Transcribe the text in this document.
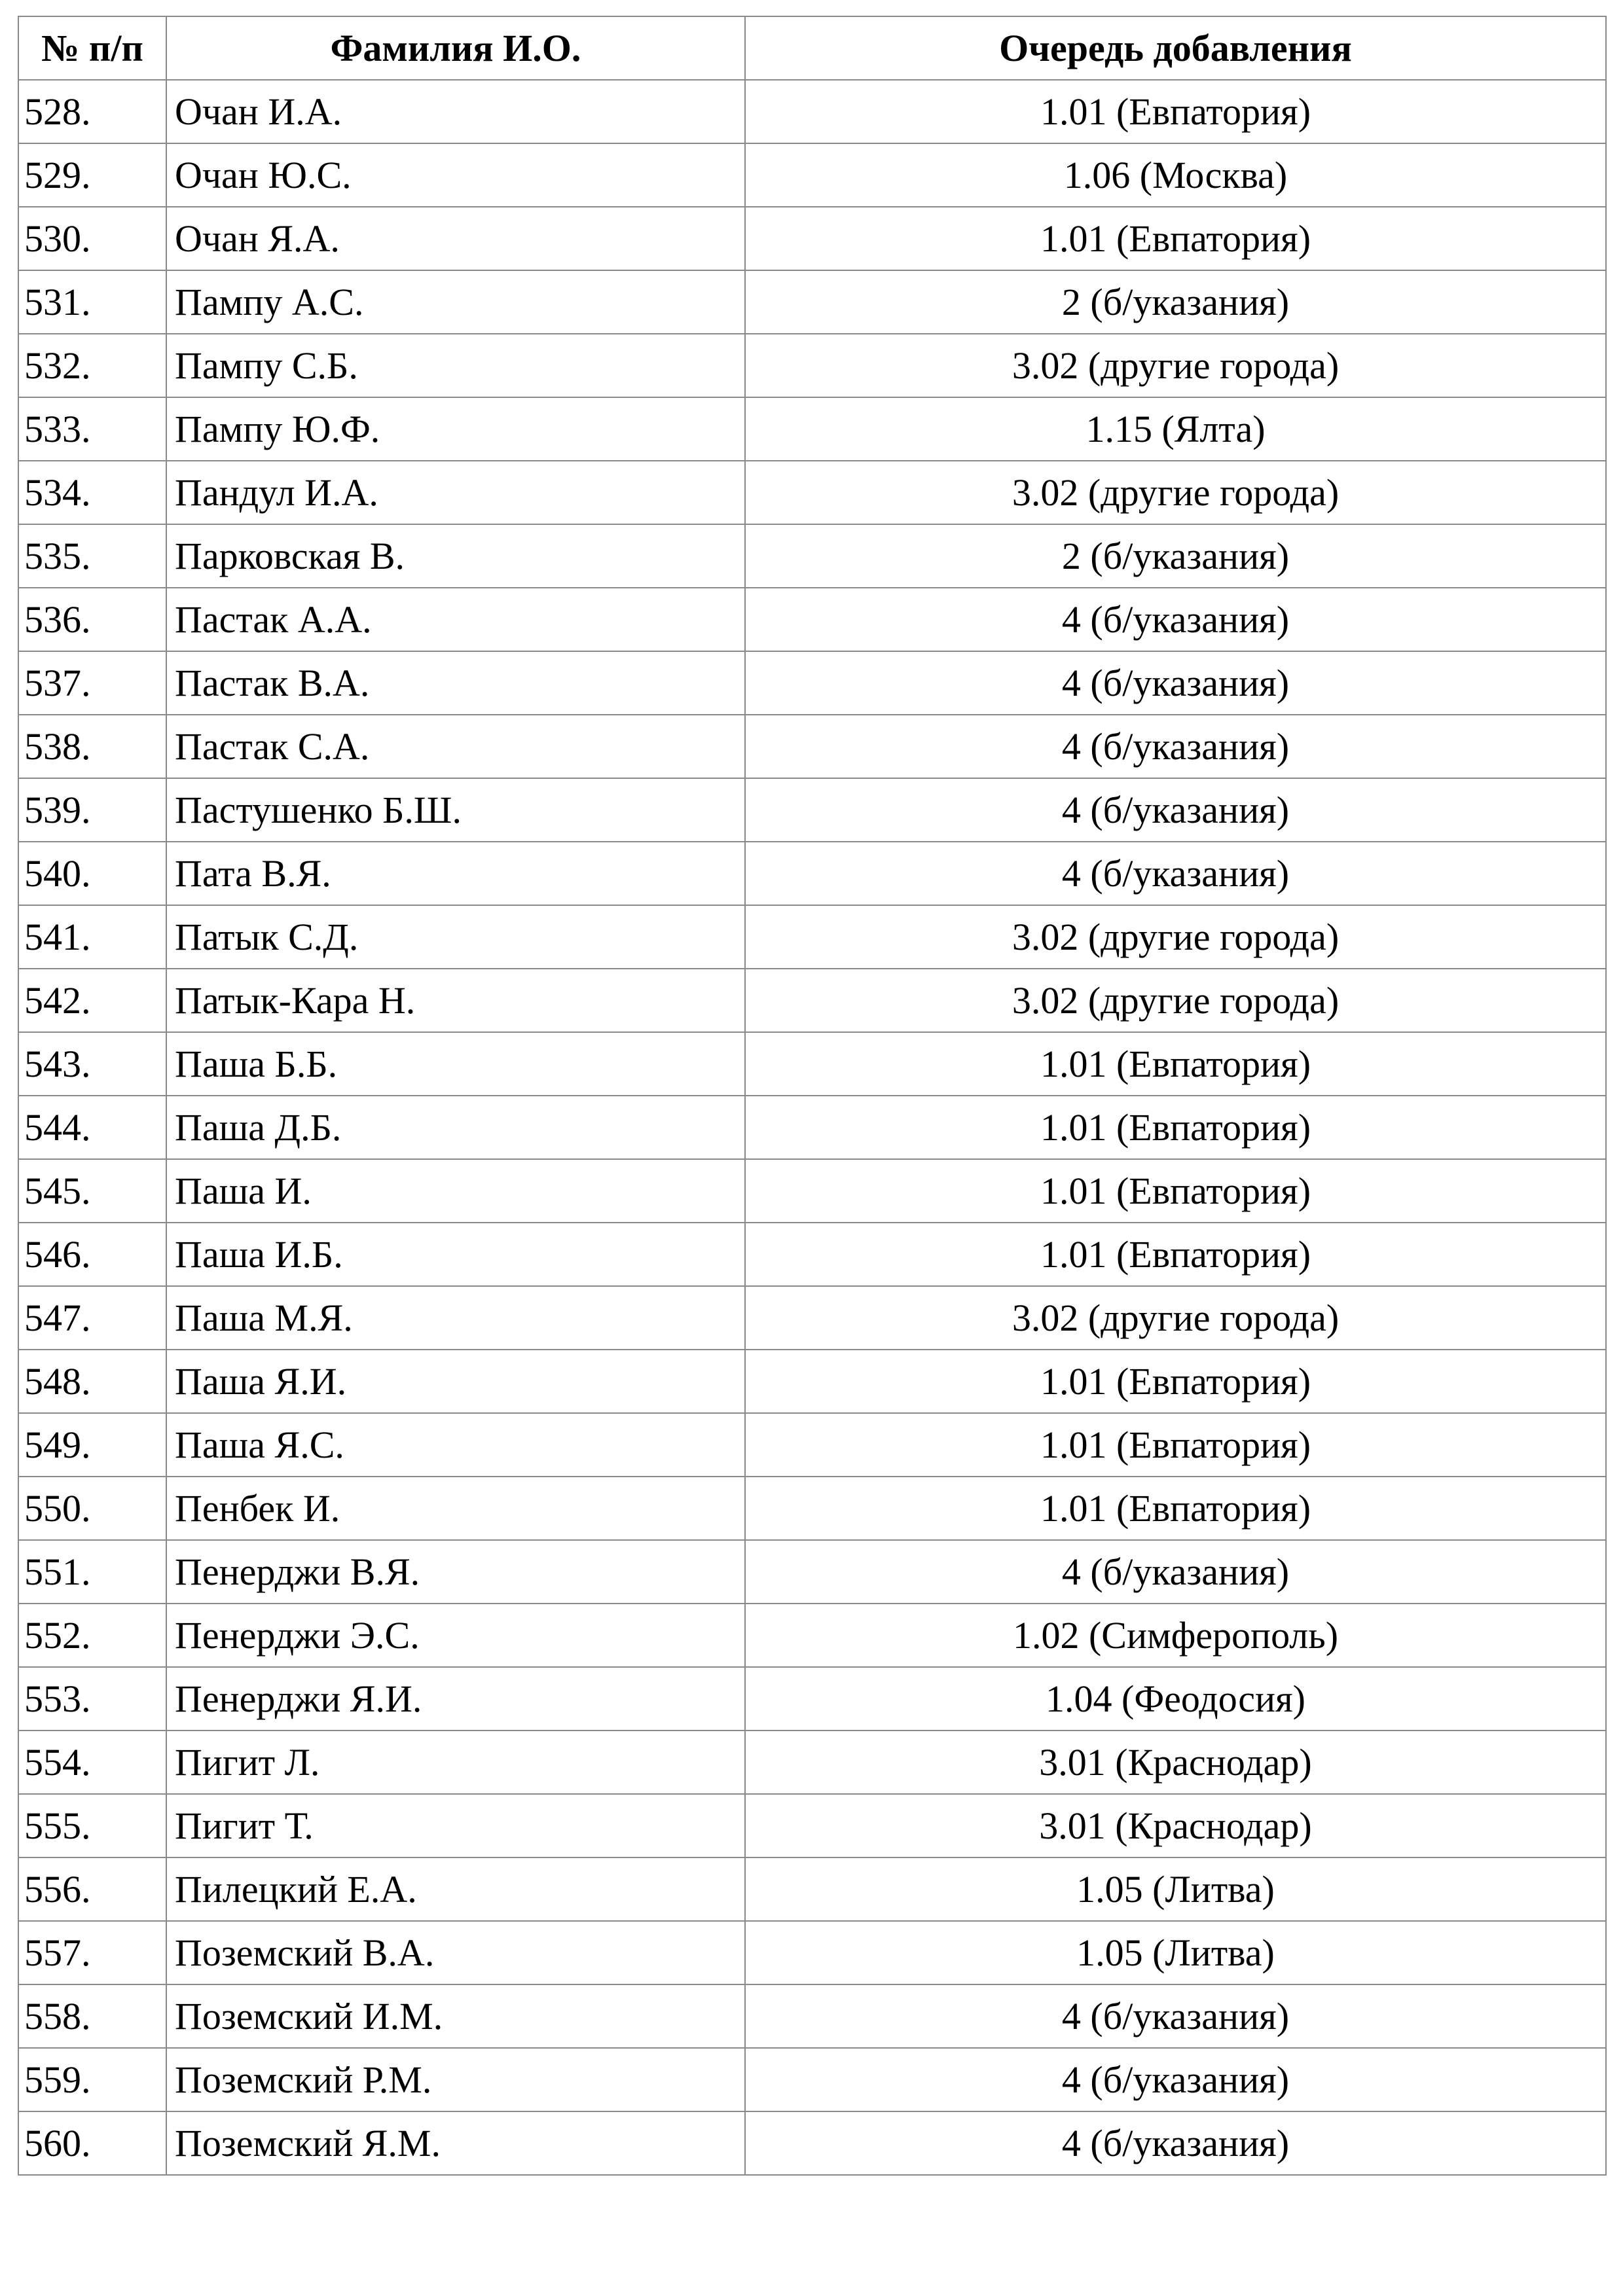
№ п/п	Фамилия И.О.	Очередь добавления
528.	Очан И.А.	1.01 (Евпатория)
529.	Очан Ю.С.	1.06 (Москва)
530.	Очан Я.А.	1.01 (Евпатория)
531.	Пампу А.С.	2 (б/указания)
532.	Пампу С.Б.	3.02 (другие города)
533.	Пампу Ю.Ф.	1.15 (Ялта)
534.	Пандул И.А.	3.02 (другие города)
535.	Парковская В.	2 (б/указания)
536.	Пастак А.А.	4 (б/указания)
537.	Пастак В.А.	4 (б/указания)
538.	Пастак С.А.	4 (б/указания)
539.	Пастушенко Б.Ш.	4 (б/указания)
540.	Пата В.Я.	4 (б/указания)
541.	Патык С.Д.	3.02 (другие города)
542.	Патык-Кара Н.	3.02 (другие города)
543.	Паша Б.Б.	1.01 (Евпатория)
544.	Паша Д.Б.	1.01 (Евпатория)
545.	Паша И.	1.01 (Евпатория)
546.	Паша И.Б.	1.01 (Евпатория)
547.	Паша М.Я.	3.02 (другие города)
548.	Паша Я.И.	1.01 (Евпатория)
549.	Паша Я.С.	1.01 (Евпатория)
550.	Пенбек И.	1.01 (Евпатория)
551.	Пенерджи В.Я.	4 (б/указания)
552.	Пенерджи Э.С.	1.02 (Симферополь)
553.	Пенерджи Я.И.	1.04 (Феодосия)
554.	Пигит Л.	3.01 (Краснодар)
555.	Пигит Т.	3.01 (Краснодар)
556.	Пилецкий Е.А.	1.05 (Литва)
557.	Поземский В.А.	1.05 (Литва)
558.	Поземский И.М.	4 (б/указания)
559.	Поземский Р.М.	4 (б/указания)
560.	Поземский Я.М.	4 (б/указания)
